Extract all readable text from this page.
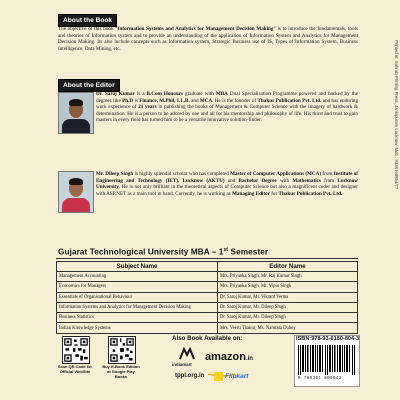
About the Book
The objective of this book “Information Systems and Analytics for Management Decision Making” is to introduce the fundamentals, tools and theories of Information system and to provide an understanding of the application of Information System and Analytics for Management Decision Making. Its also include concepts such as Information system, Strategic Business use of IS, Types of Information System, Business Intelligence, Data Mining, etc.
About the Editor
Dr. Saroj Kumar is a B.Com Honours graduate with MBA Dual Specialisation Programme powered and backed by the degrees like Ph.D is Finance, M.Phil, LL.B. and MCA. He is the founder of Thakur Publication Pvt. Ltd. and has enduring work experience of 21 years in publishing the books of Management & Computer Science with the imagery of hardwork & determination. He is a person to be adored by one and all for his mentorship and philosophy of life. His thirst and trust to gain masters in every field has turned him to be a versatile innovative solution-finder.
Mr. Dileep Singh is highly splendid scholar who has completed Master of Computer Applications (MCA) from Institute of Engineering and Technology (IET), Lucknow (AKTU) and Bachelor Degree with Mathematics from Lucknow University. He is not only brilliant in the theoretical aspects of Computer Science but also a magnificent coder and designer with ASP.NET as a main tool in hand. Currently, he is working as Managing Editor for Thakur Publication Pvt. Ltd.
Gujarat Technological University MBA – 1st Semester
Subject Name	Editor Name
Management Accounting	Mrs. Priyanka Singh, Mr. Raj Kumar Singh
Economics for Managers	Mrs. Priyanka Singh, Mr. Vipin Singh
Essentials of Organisational Behaviour	Dr. Saroj Kumar, Mr. Vikrant Verma
Information Systems and Analytics for Management Decision Making	Dr. Saroj Kumar, Mr. Dileep Singh
Business Statistics	Dr. Saroj Kumar, Mr. Dileep Singh
Indian Knowledge Systems	Mrs. Veeru Thakur, Ms. Namrata Dubey
Scan QR Code for Official WebSite
Buy E-Book Edition at Google Play Books
Also Book Available on:
indiamart
amazon.in
tppl.org.in	Flipkart
ISBN:978-93-6180-804-3
9 789361 808043
Printed at: Sohrab Printing Press, Jankipuram Lucknow. Mob.: 9336168854/77
